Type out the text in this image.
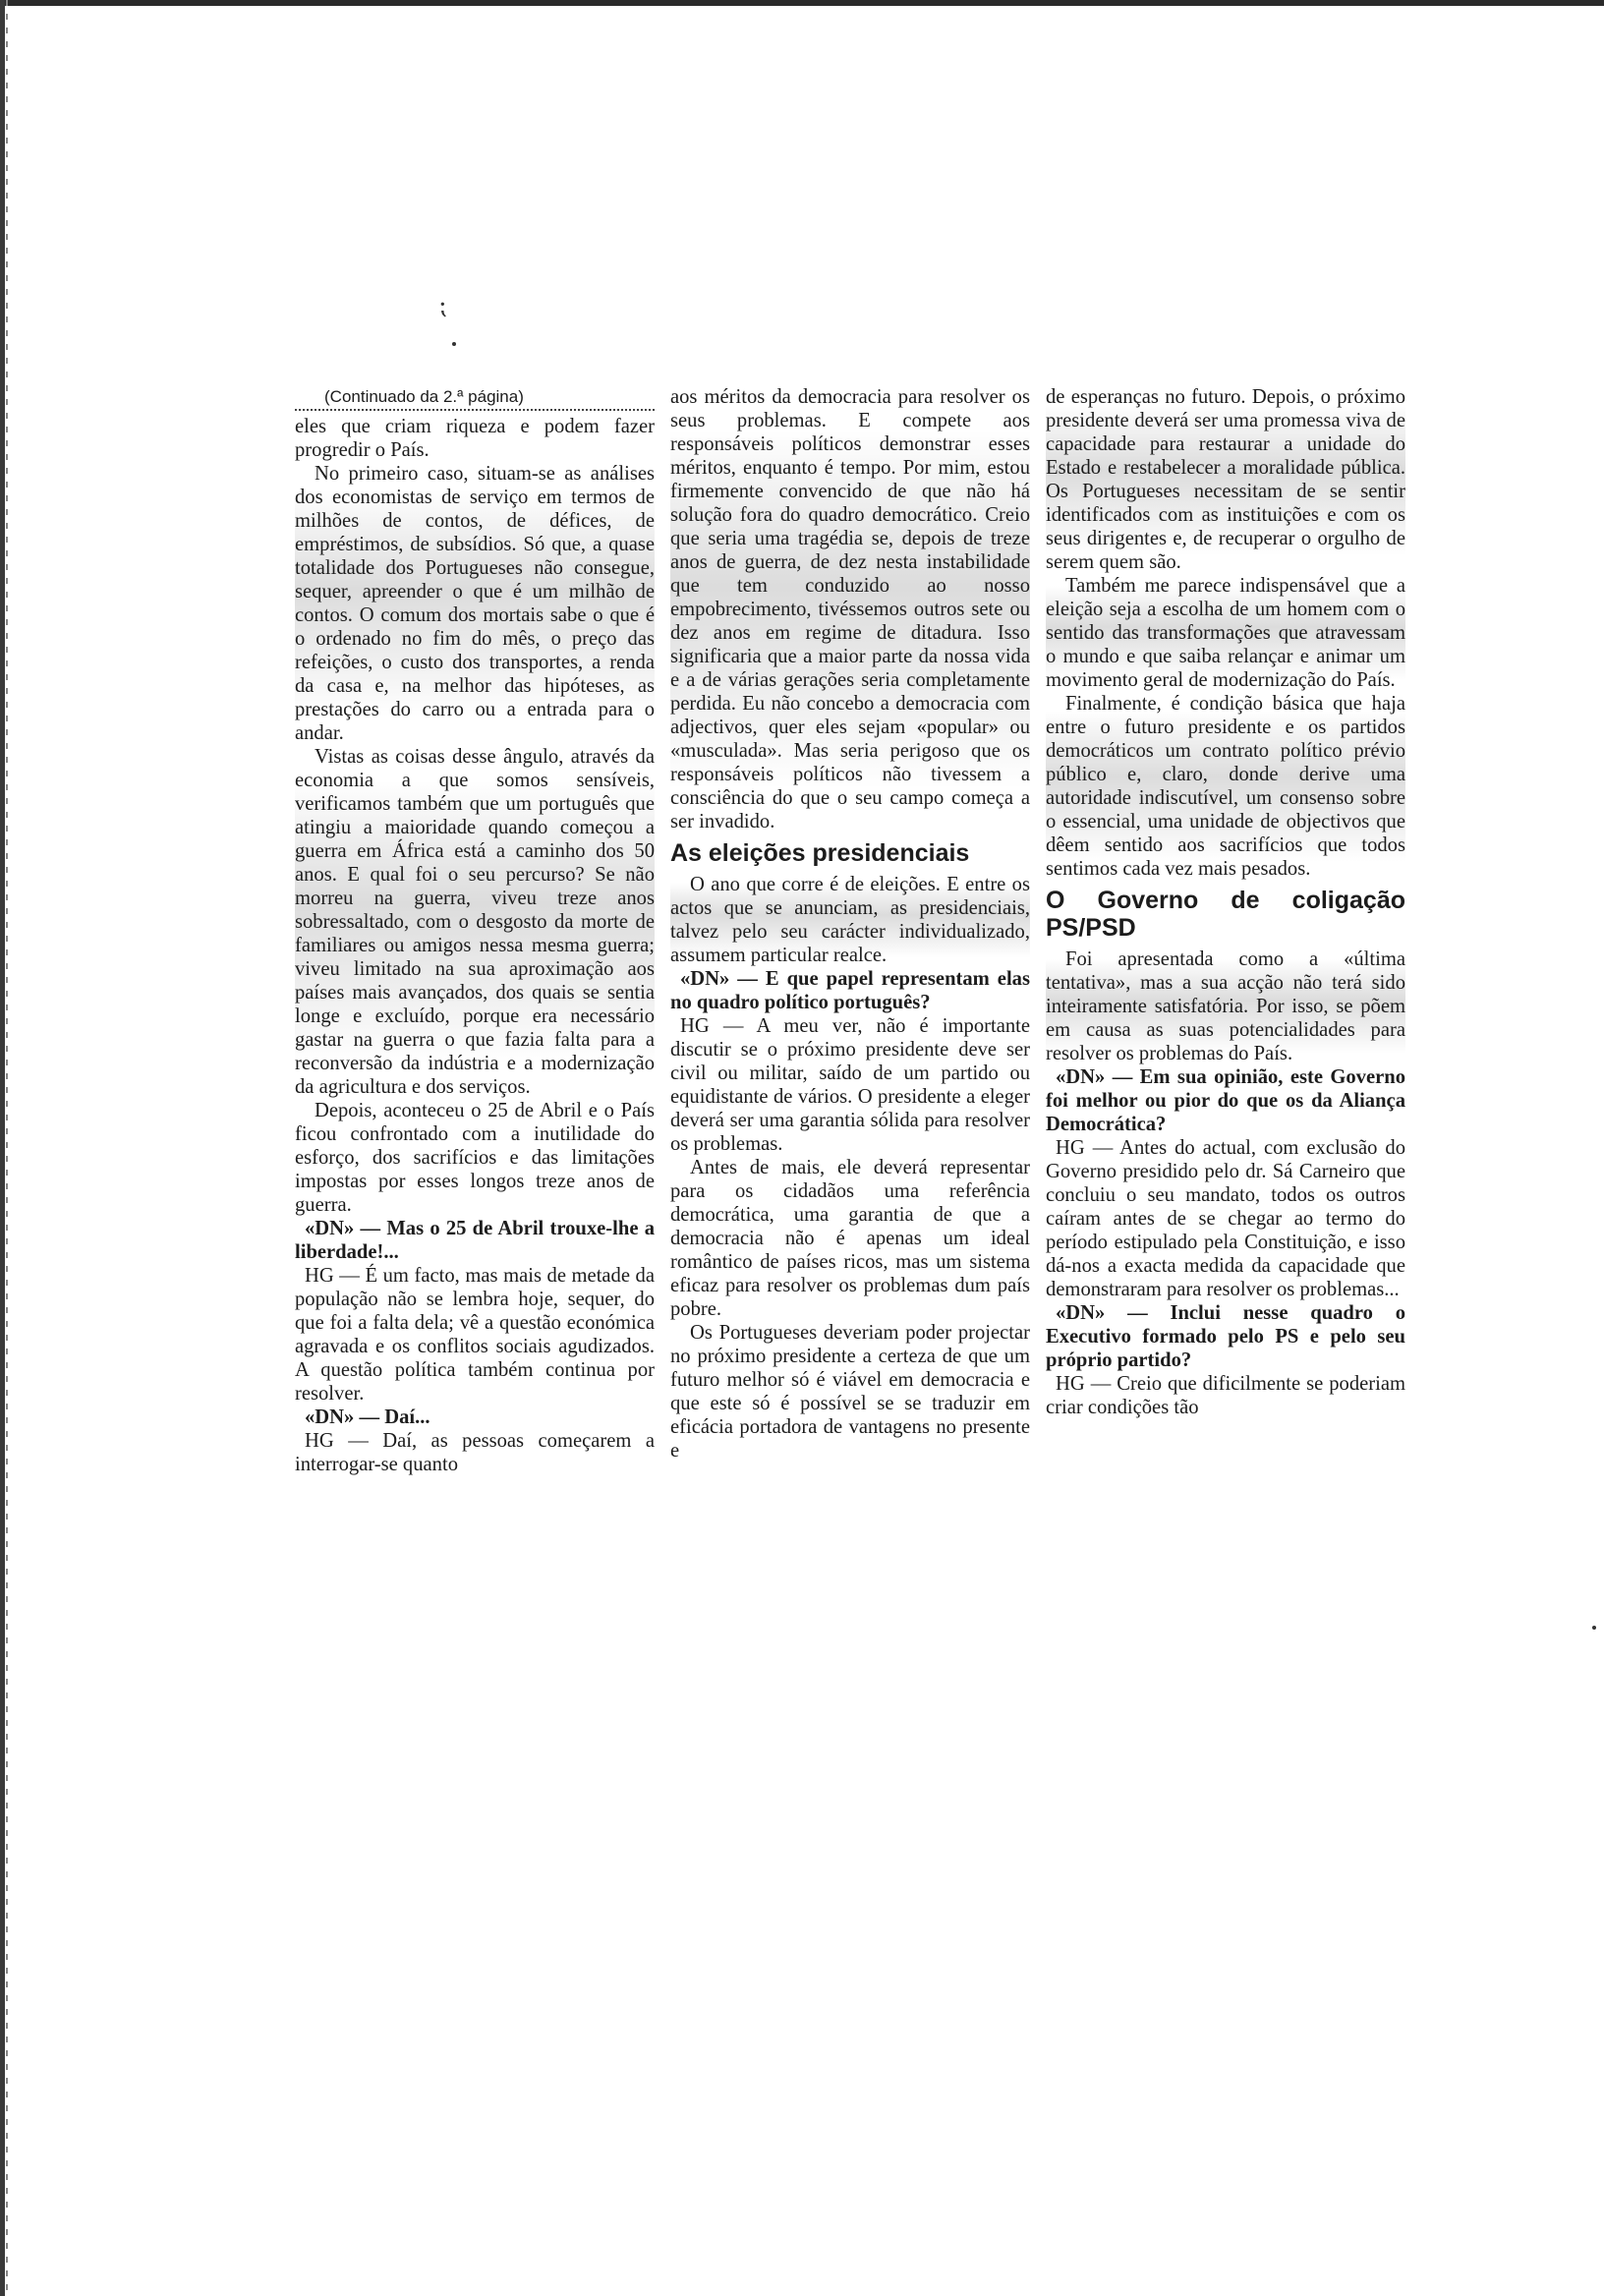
⁏

(Continuado da 2.ª página)

eles que criam riqueza e podem fazer progredir o País.

No primeiro caso, situam-se as análises dos economistas de serviço em termos de milhões de contos, de défices, de empréstimos, de subsídios. Só que, a quase totalidade dos Portugueses não consegue, sequer, apreender o que é um milhão de contos. O comum dos mortais sabe o que é o ordenado no fim do mês, o preço das refeições, o custo dos transportes, a renda da casa e, na melhor das hipóteses, as prestações do carro ou a entrada para o andar.

Vistas as coisas desse ângulo, através da economia a que somos sensíveis, verificamos também que um português que atingiu a maioridade quando começou a guerra em África está a caminho dos 50 anos. E qual foi o seu percurso? Se não morreu na guerra, viveu treze anos sobressaltado, com o desgosto da morte de familiares ou amigos nessa mesma guerra; viveu limitado na sua aproximação aos países mais avançados, dos quais se sentia longe e excluído, porque era necessário gastar na guerra o que fazia falta para a reconversão da indústria e a modernização da agricultura e dos serviços.

Depois, aconteceu o 25 de Abril e o País ficou confrontado com a inutilidade do esforço, dos sacrifícios e das limitações impostas por esses longos treze anos de guerra.

«DN» — Mas o 25 de Abril trouxe-lhe a liberdade!...

HG — É um facto, mas mais de metade da população não se lembra hoje, sequer, do que foi a falta dela; vê a questão económica agravada e os conflitos sociais agudizados. A questão política também continua por resolver.

«DN» — Daí...

HG — Daí, as pessoas começarem a interrogar-se quanto

aos méritos da democracia para resolver os seus problemas. E compete aos responsáveis políticos demonstrar esses méritos, enquanto é tempo. Por mim, estou firmemente convencido de que não há solução fora do quadro democrático. Creio que seria uma tragédia se, depois de treze anos de guerra, de dez nesta instabilidade que tem conduzido ao nosso empobrecimento, tivéssemos outros sete ou dez anos em regime de ditadura. Isso significaria que a maior parte da nossa vida e a de várias gerações seria completamente perdida. Eu não concebo a democracia com adjectivos, quer eles sejam «popular» ou «musculada». Mas seria perigoso que os responsáveis políticos não tivessem a consciência do que o seu campo começa a ser invadido.

As eleições presidenciais

O ano que corre é de eleições. E entre os actos que se anunciam, as presidenciais, talvez pelo seu carácter individualizado, assumem particular realce.

«DN» — E que papel representam elas no quadro político português?

HG — A meu ver, não é importante discutir se o próximo presidente deve ser civil ou militar, saído de um partido ou equidistante de vários. O presidente a eleger deverá ser uma garantia sólida para resolver os problemas.

Antes de mais, ele deverá representar para os cidadãos uma referência democrática, uma garantia de que a democracia não é apenas um ideal romântico de países ricos, mas um sistema eficaz para resolver os problemas dum país pobre.

Os Portugueses deveriam poder projectar no próximo presidente a certeza de que um futuro melhor só é viável em democracia e que este só é possível se se traduzir em eficácia portadora de vantagens no presente e

de esperanças no futuro. Depois, o próximo presidente deverá ser uma promessa viva de capacidade para restaurar a unidade do Estado e restabelecer a moralidade pública. Os Portugueses necessitam de se sentir identificados com as instituições e com os seus dirigentes e, de recuperar o orgulho de serem quem são.

Também me parece indispensável que a eleição seja a escolha de um homem com o sentido das transformações que atravessam o mundo e que saiba relançar e animar um movimento geral de modernização do País.

Finalmente, é condição básica que haja entre o futuro presidente e os partidos democráticos um contrato político prévio público e, claro, donde derive uma autoridade indiscutível, um consenso sobre o essencial, uma unidade de objectivos que dêem sentido aos sacrifícios que todos sentimos cada vez mais pesados.

O Governo de coligação PS/PSD

Foi apresentada como a «última tentativa», mas a sua acção não terá sido inteiramente satisfatória. Por isso, se põem em causa as suas potencialidades para resolver os problemas do País.

«DN» — Em sua opinião, este Governo foi melhor ou pior do que os da Aliança Democrática?

HG — Antes do actual, com exclusão do Governo presidido pelo dr. Sá Carneiro que concluiu o seu mandato, todos os outros caíram antes de se chegar ao termo do período estipulado pela Constituição, e isso dá-nos a exacta medida da capacidade que demonstraram para resolver os problemas...

«DN» — Inclui nesse quadro o Executivo formado pelo PS e pelo seu próprio partido?

HG — Creio que dificilmente se poderiam criar condições tão
